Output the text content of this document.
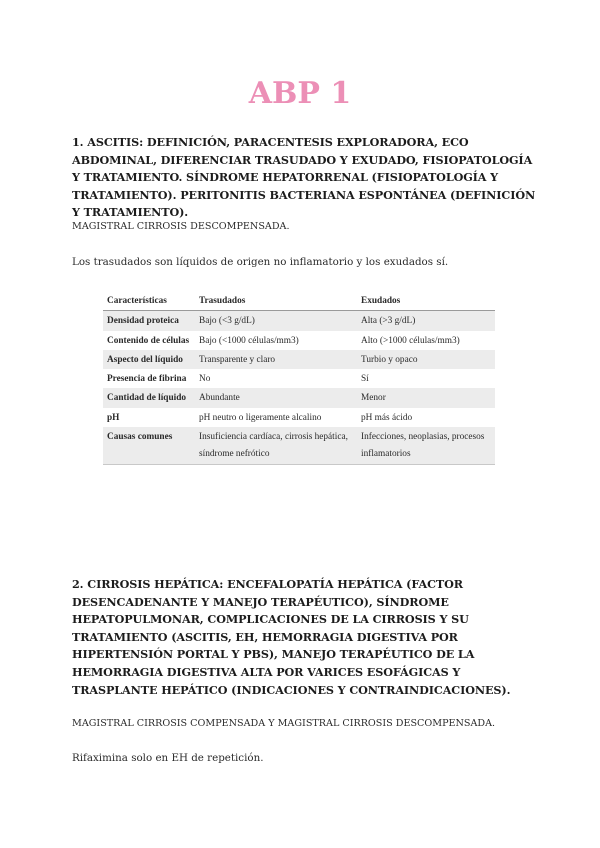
ABP 1
1. ASCITIS: DEFINICIÓN, PARACENTESIS EXPLORADORA, ECO ABDOMINAL, DIFERENCIAR TRASUDADO Y EXUDADO, FISIOPATOLOGÍA Y TRATAMIENTO. SÍNDROME HEPATORRENAL (FISIOPATOLOGÍA Y TRATAMIENTO). PERITONITIS BACTERIANA ESPONTÁNEA (DEFINICIÓN Y TRATAMIENTO).
MAGISTRAL CIRROSIS DESCOMPENSADA.
Los trasudados son líquidos de origen no inflamatorio y los exudados sí.
Características	Trasudados	Exudados
Densidad proteica	Bajo (<3 g/dL)	Alta (>3 g/dL)
Contenido de células	Bajo (<1000 células/mm3)	Alto (>1000 células/mm3)
Aspecto del líquido	Transparente y claro	Turbio y opaco
Presencia de fibrina	No	Sí
Cantidad de líquido	Abundante	Menor
pH	pH neutro o ligeramente alcalino	pH más ácido
Causas comunes	Insuficiencia cardíaca, cirrosis hepática, síndrome nefrótico	Infecciones, neoplasias, procesos inflamatorios
2. CIRROSIS HEPÁTICA: ENCEFALOPATÍA HEPÁTICA (FACTOR DESENCADENANTE Y MANEJO TERAPÉUTICO), SÍNDROME HEPATOPULMONAR, COMPLICACIONES DE LA CIRROSIS Y SU TRATAMIENTO (ASCITIS, EH, HEMORRAGIA DIGESTIVA POR HIPERTENSIÓN PORTAL Y PBS), MANEJO TERAPÉUTICO DE LA HEMORRAGIA DIGESTIVA ALTA POR VARICES ESOFÁGICAS Y TRASPLANTE HEPÁTICO (INDICACIONES Y CONTRAINDICACIONES).
MAGISTRAL CIRROSIS COMPENSADA Y MAGISTRAL CIRROSIS DESCOMPENSADA.
Rifaximina solo en EH de repetición.
